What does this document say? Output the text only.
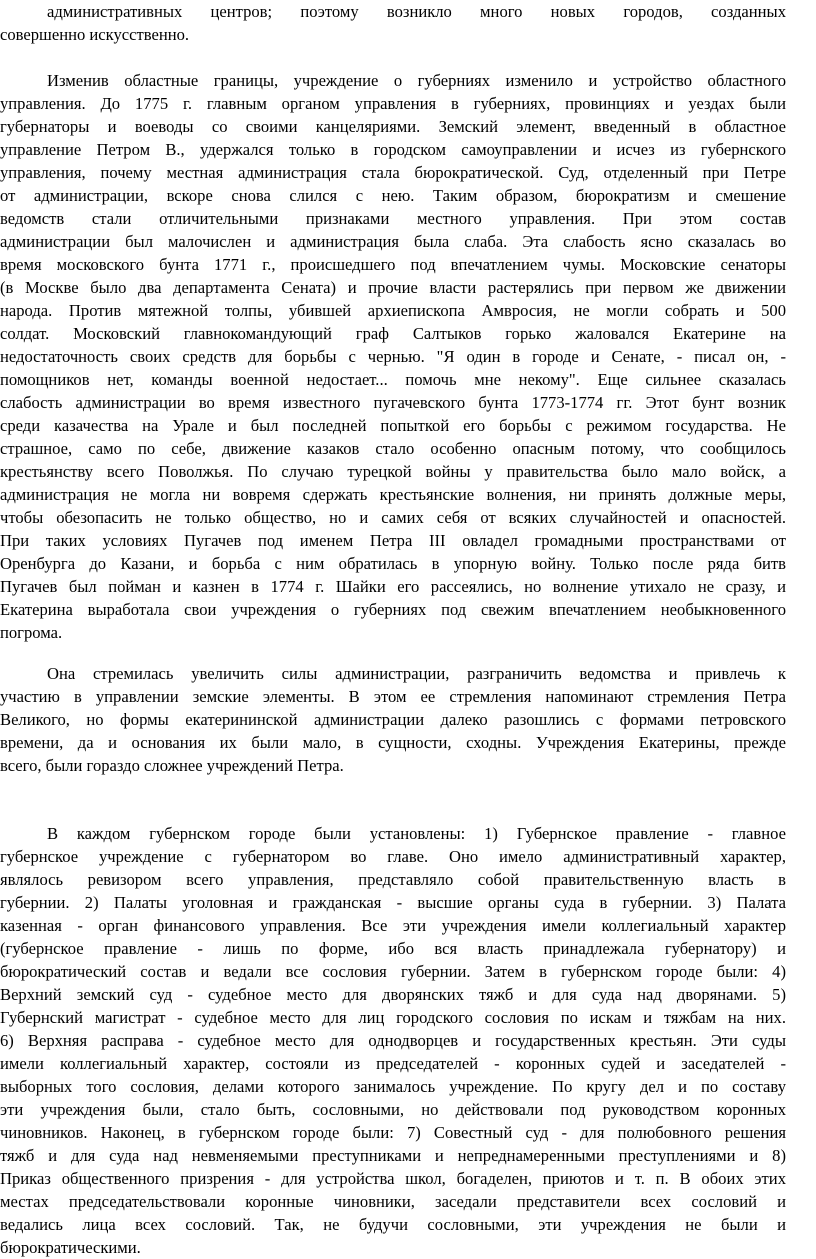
административных центров; поэтому возникло много новых городов, созданных
совершенно искусственно.
Изменив областные границы, учреждение о губерниях изменило и устройство областного
управления. До 1775 г. главным органом управления в губерниях, провинциях и уездах были
губернаторы и воеводы со своими канцеляриями. Земский элемент, введенный в областное
управление Петром В., удержался только в городском самоуправлении и исчез из губернского
управления, почему местная администрация стала бюрократической. Суд, отделенный при Петре
от администрации, вскоре снова слился с нею. Таким образом, бюрократизм и смешение
ведомств стали отличительными признаками местного управления. При этом состав
администрации был малочислен и администрация была слаба. Эта слабость ясно сказалась во
время московского бунта 1771 г., происшедшего под впечатлением чумы. Московские сенаторы
(в Москве было два департамента Сената) и прочие власти растерялись при первом же движении
народа. Против мятежной толпы, убившей архиепископа Амвросия, не могли собрать и 500
солдат. Московский главнокомандующий граф Салтыков горько жаловался Екатерине на
недостаточность своих средств для борьбы с чернью. "Я один в городе и Сенате, - писал он, -
помощников нет, команды военной недостает... помочь мне некому". Еще сильнее сказалась
слабость администрации во время известного пугачевского бунта 1773-1774 гг. Этот бунт возник
среди казачества на Урале и был последней попыткой его борьбы с режимом государства. Не
страшное, само по себе, движение казаков стало особенно опасным потому, что сообщилось
крестьянству всего Поволжья. По случаю турецкой войны у правительства было мало войск, а
администрация не могла ни вовремя сдержать крестьянские волнения, ни принять должные меры,
чтобы обезопасить не только общество, но и самих себя от всяких случайностей и опасностей.
При таких условиях Пугачев под именем Петра III овладел громадными пространствами от
Оренбурга до Казани, и борьба с ним обратилась в упорную войну. Только после ряда битв
Пугачев был пойман и казнен в 1774 г. Шайки его рассеялись, но волнение утихало не сразу, и
Екатерина выработала свои учреждения о губерниях под свежим впечатлением необыкновенного
погрома.
Она стремилась увеличить силы администрации, разграничить ведомства и привлечь к
участию в управлении земские элементы. В этом ее стремления напоминают стремления Петра
Великого, но формы екатерининской администрации далеко разошлись с формами петровского
времени, да и основания их были мало, в сущности, сходны. Учреждения Екатерины, прежде
всего, были гораздо сложнее учреждений Петра.
В каждом губернском городе были установлены: 1) Губернское правление - главное
губернское учреждение с губернатором во главе. Оно имело административный характер,
являлось ревизором всего управления, представляло собой правительственную власть в
губернии. 2) Палаты уголовная и гражданская - высшие органы суда в губернии. 3) Палата
казенная - орган финансового управления. Все эти учреждения имели коллегиальный характер
(губернское правление - лишь по форме, ибо вся власть принадлежала губернатору) и
бюрократический состав и ведали все сословия губернии. Затем в губернском городе были: 4)
Верхний земский суд - судебное место для дворянских тяжб и для суда над дворянами. 5)
Губернский магистрат - судебное место для лиц городского сословия по искам и тяжбам на них.
6) Верхняя расправа - судебное место для однодворцев и государственных крестьян. Эти суды
имели коллегиальный характер, состояли из председателей - коронных судей и заседателей -
выборных того сословия, делами которого занималось учреждение. По кругу дел и по составу
эти учреждения были, стало быть, сословными, но действовали под руководством коронных
чиновников. Наконец, в губернском городе были: 7) Совестный суд - для полюбовного решения
тяжб и для суда над невменяемыми преступниками и непреднамеренными преступлениями и 8)
Приказ общественного призрения - для устройства школ, богаделен, приютов и т. п. В обоих этих
местах председательствовали коронные чиновники, заседали представители всех сословий и
ведались лица всех сословий. Так, не будучи сословными, эти учреждения не были и
бюрократическими.
